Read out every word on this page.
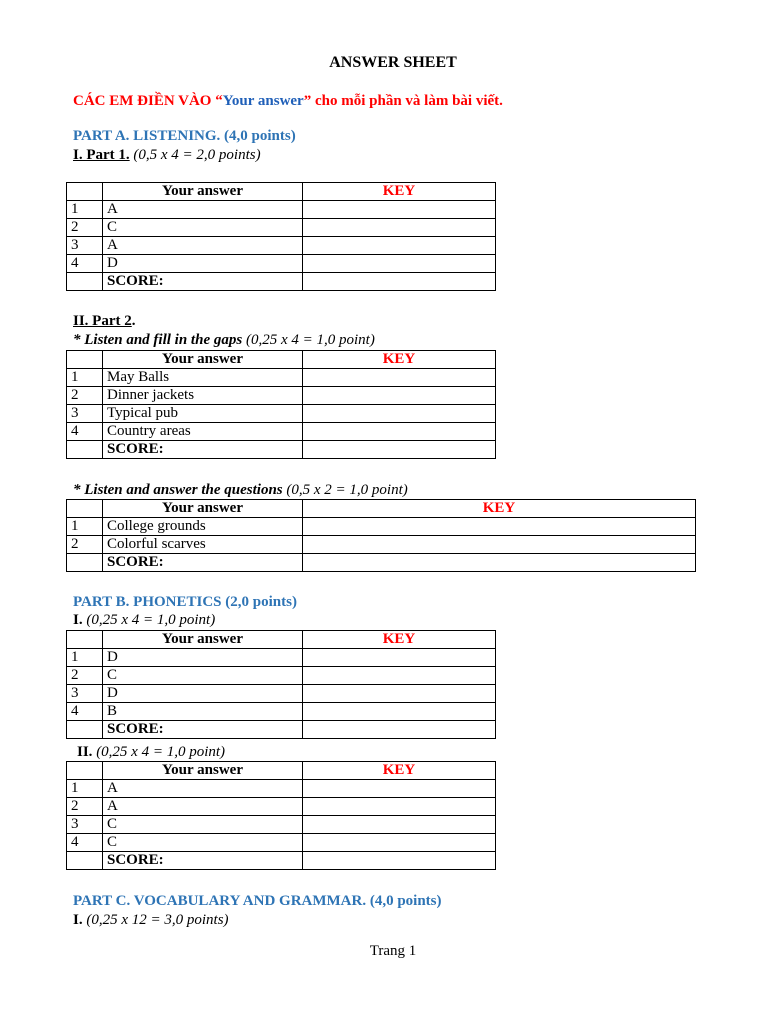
ANSWER SHEET
CÁC EM ĐIỀN VÀO “Your answer” cho mỗi phần và làm bài viết.
PART A. LISTENING. (4,0 points)
I. Part 1. (0,5 x 4 = 2,0 points)
	Your answer	KEY
1	A	
2	C	
3	A	
4	D	
	SCORE:	
II. Part 2.
* Listen and fill in the gaps (0,25 x 4 = 1,0 point)
	Your answer	KEY
1	May Balls	
2	Dinner jackets	
3	Typical pub	
4	Country areas	
	SCORE:	
* Listen and answer the questions (0,5 x 2 = 1,0 point)
	Your answer	KEY
1	College grounds	
2	Colorful scarves	
	SCORE:	
PART B. PHONETICS (2,0 points)
I. (0,25 x 4 = 1,0 point)
	Your answer	KEY
1	D	
2	C	
3	D	
4	B	
	SCORE:	
II. (0,25 x 4 = 1,0 point)
	Your answer	KEY
1	A	
2	A	
3	C	
4	C	
	SCORE:	
PART C. VOCABULARY AND GRAMMAR. (4,0 points)
I. (0,25 x 12 = 3,0 points)
Trang 1
